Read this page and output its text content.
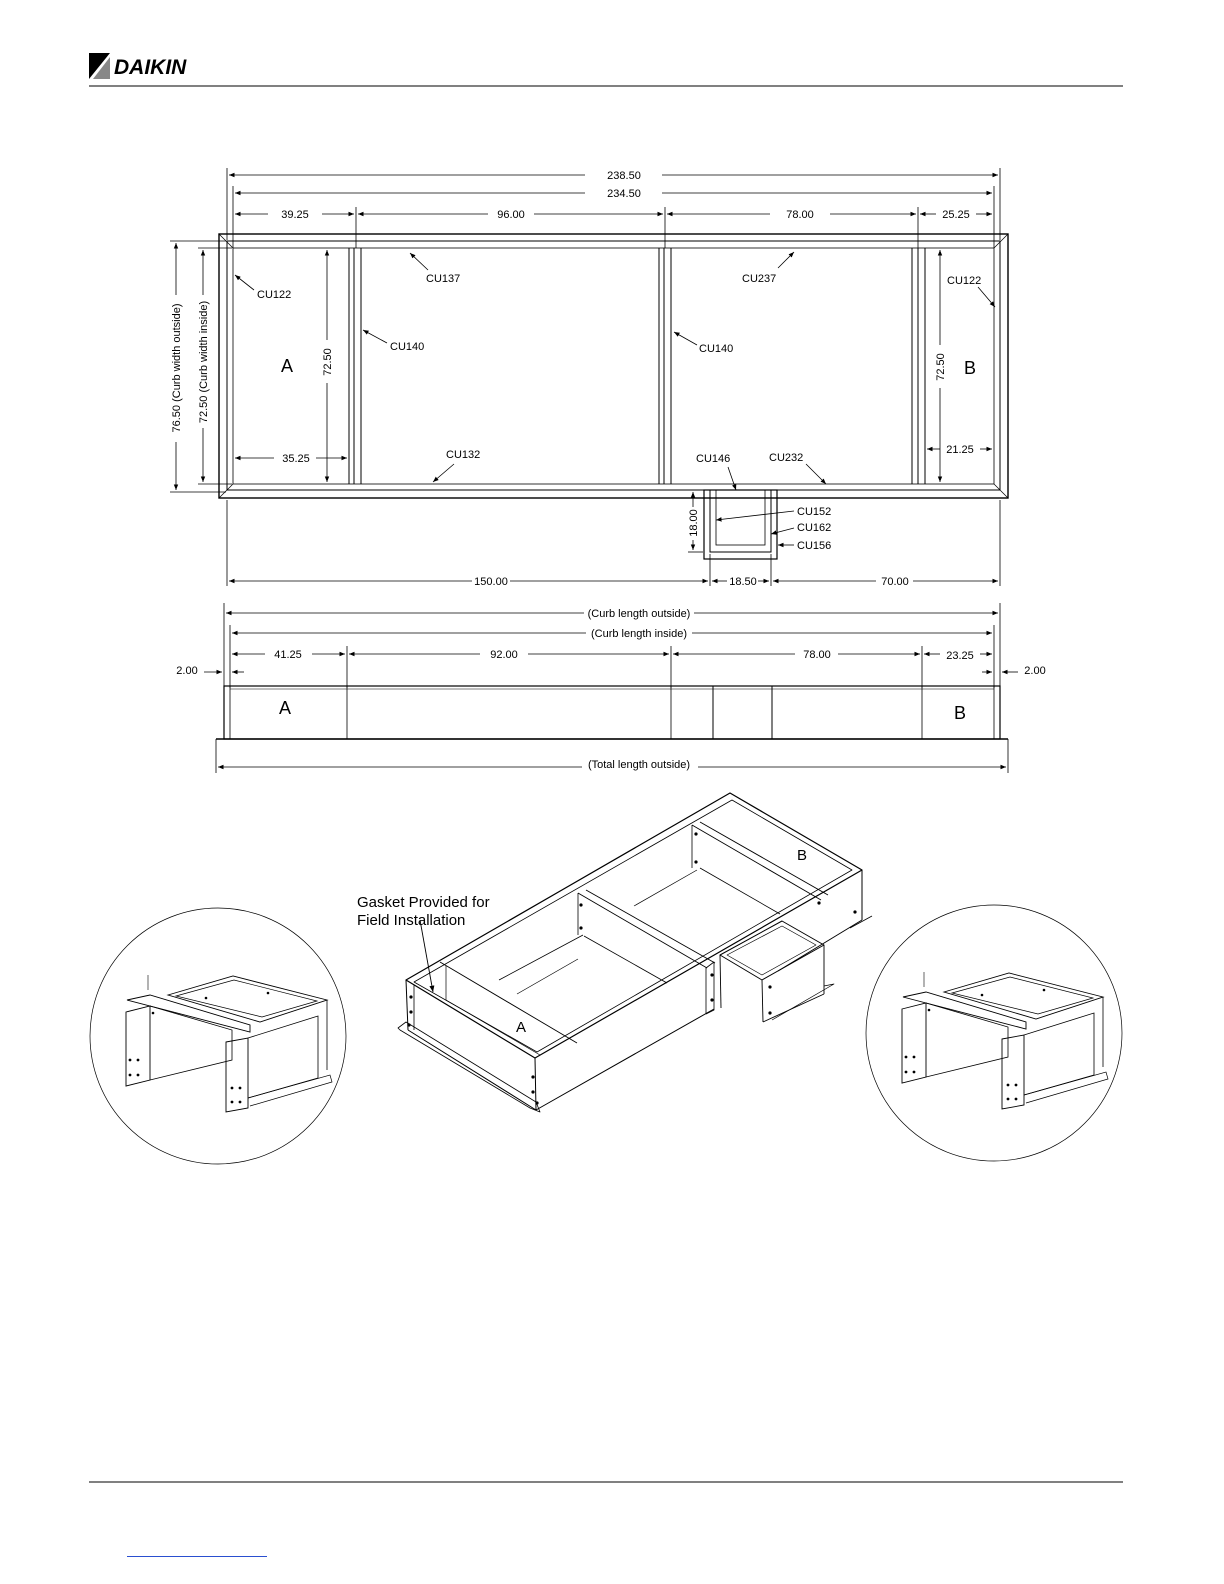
DAIKIN
238.50
234.50
39.25	96.00	78.00	25.25
76.50 (Curb width outside) 72.50 (Curb width inside)	72.50	72.50
35.25
21.25
A	B
CU122
CU137	CU237	CU122
CU140	CU140
CU132	CU146	CU232
CU152
CU162
CU156
18.00
18.50
150.00	70.00
(Curb length outside)
(Curb length inside)
41.25	92.00	78.00	23.25
2.00	2.00
A	B
(Total length outside)
Gasket Provided for
Field Installation
A
B
